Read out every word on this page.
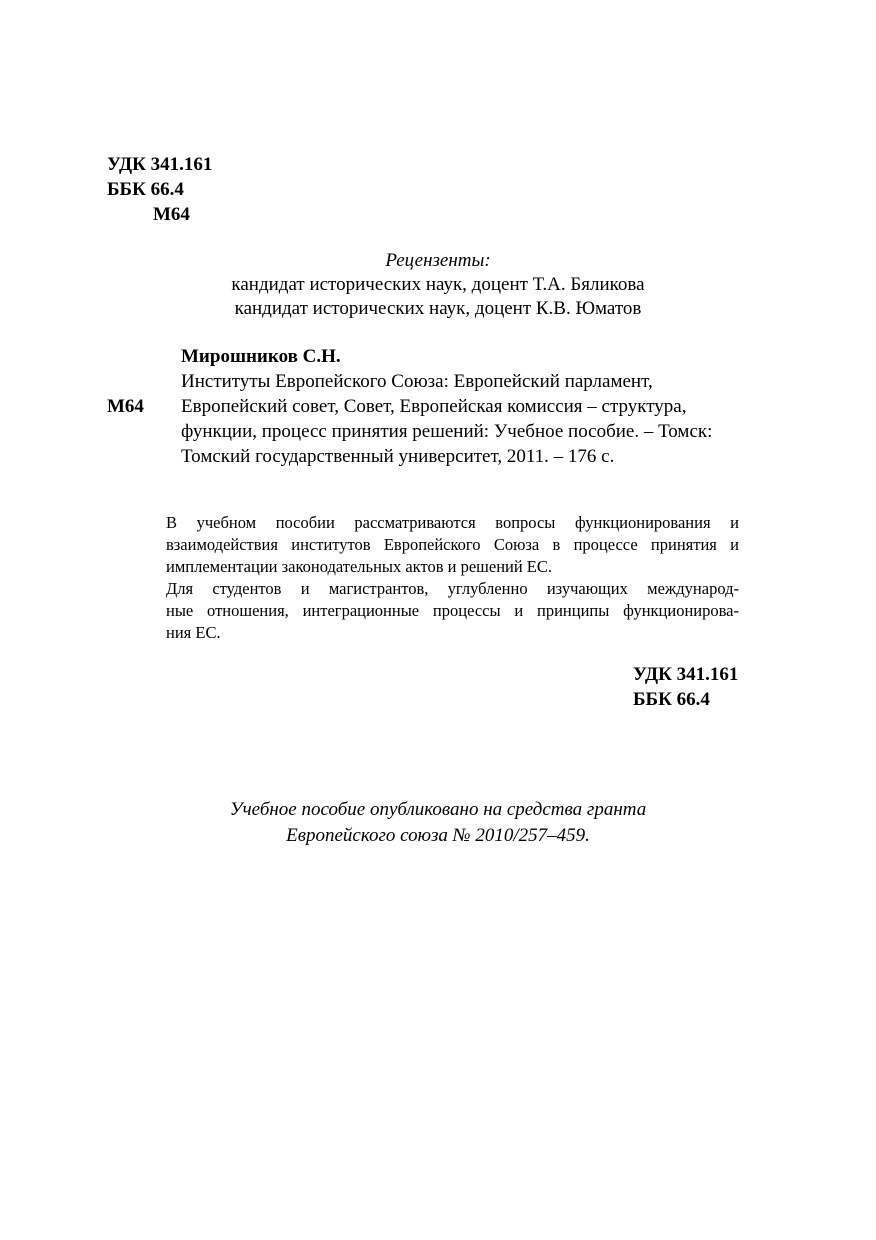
УДК 341.161
ББК 66.4
М64
Рецензенты:
кандидат исторических наук, доцент Т.А. Бяликова
кандидат исторических наук, доцент К.В. Юматов
М64
Мирошников С.Н.
Институты Европейского Союза: Европейский парламент,
Европейский совет, Совет, Европейская комиссия – структура,
функции, процесс принятия решений: Учебное пособие. – Томск:
Томский государственный университет, 2011. – 176 с.

В учебном пособии рассматриваются вопросы функционирования и
взаимодействия институтов Европейского Союза в процессе принятия и
имплементации законодательных актов и решений ЕС.

Для студентов и магистрантов, углубленно изучающих международ-
ные отношения, интеграционные процессы и принципы функционирова-
ния ЕС.

УДК 341.161
ББК 66.4
Учебное пособие опубликовано на средства гранта
Европейского союза № 2010/257–459.
